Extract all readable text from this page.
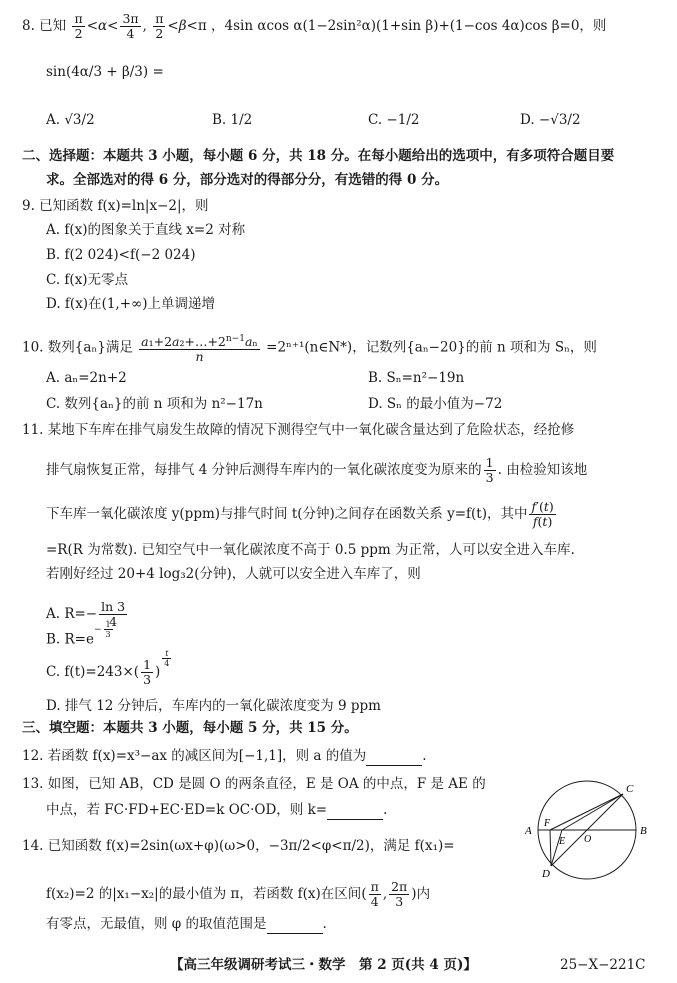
8. 已知 $\frac{\pi}{2} <\alpha< \frac{3\pi}{4}$ , $\frac{\pi}{2} <\beta<\pi$ ，4sin αcos α(1−2sin²α)(1+sin β)+(1−cos 4α)cos β=0，则
sin(4α/3 + β/3) =
A. √3/2	B. 1/2	C. −1/2	D. −√3/2
二、选择题：本题共 3 小题，每小题 6 分，共 18 分。在每小题给出的选项中，有多项符合题目要
求。全部选对的得 6 分，部分选对的得部分分，有选错的得 0 分。
9. 已知函数 f(x)=ln|x−2|，则
A. f(x)的图象关于直线 x=2 对称
B. f(2 024)<f(−2 024)
C. f(x)无零点
D. f(x)在(1,+∞)上单调递增
10. 数列{aₙ}满足 $\frac{a_1+2a_2+\dots+2^{n-1}a_n}{n}$ =2ⁿ⁺¹(n∈N*)，记数列{aₙ−20}的前 n 项和为 Sₙ，则
A. aₙ=2n+2	B. Sₙ=n²−19n
C. 数列{aₙ}的前 n 项和为 n²−17n	D. Sₙ 的最小值为−72
11. 某地下车库在排气扇发生故障的情况下测得空气中一氧化碳含量达到了危险状态，经抢修
排气扇恢复正常，每排气 4 分钟后测得车库内的一氧化碳浓度变为原来的 $\frac{1}{3}$ . 由检验知该地
下车库一氧化碳浓度 y(ppm)与排气时间 t(分钟)之间存在函数关系 y=f(t)，其中 $\frac{f'(t)}{f(t)}$
=R(R 为常数). 已知空气中一氧化碳浓度不高于 0.5 ppm 为正常，人可以安全进入车库.
若刚好经过 20+4 log₃2(分钟)，人就可以安全进入车库了，则
A. $R=- \frac{\ln 3}{4}$
B. $R=e^{- \frac{1}{3}}$
C. $f(t)=243\times( \frac{1}{3}$ )
$^{\frac{t}{4}}$
D. 排气 12 分钟后，车库内的一氧化碳浓度变为 9 ppm
三、填空题：本题共 3 小题，每小题 5 分，共 15 分。
12. 若函数 f(x)=x³−ax 的减区间为[−1,1]，则 a 的值为	.
13. 如图，已知 AB，CD 是圆 O 的两条直径，E 是 OA 的中点，F 是 AE 的
中点，若 FC·FD+EC·ED=k OC·OD，则 k=	.
A	B
C
D
E
F
O
14. 已知函数 f(x)=2sin(ωx+φ)(ω>0，−3π/2<φ<π/2)，满足 f(x₁)=
f(x₂)=2 的|x₁−x₂|的最小值为 π，若函数 f(x)在区间( $\frac{\pi}{4}$ , $\frac{2\pi}{3}$ )内
有零点，无最值，则 φ 的取值范围是	.
【高三年级调研考试三・数学　第 2 页(共 4 页)】	25−X−221C
